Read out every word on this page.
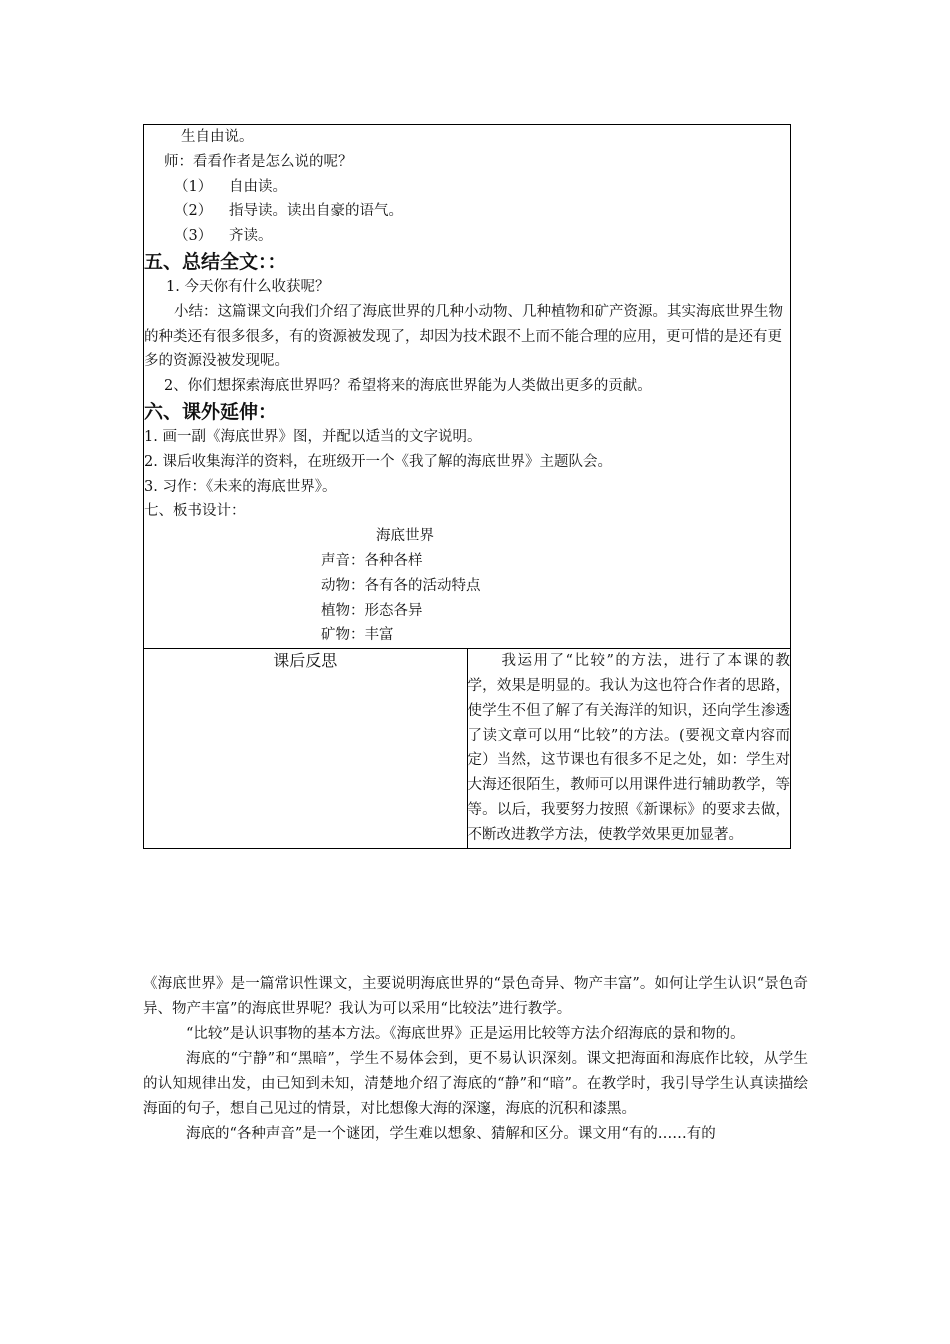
生自由说。
师：看看作者是怎么说的呢？
（1） 自由读。
（2） 指导读。读出自豪的语气。
（3） 齐读。
五、总结全文：：
1. 今天你有什么收获呢？
小结：这篇课文向我们介绍了海底世界的几种小动物、几种植物和矿产资源。其实海底世界生物的种类还有很多很多，有的资源被发现了，却因为技术跟不上而不能合理的应用，更可惜的是还有更多的资源没被发现呢。
2、你们想探索海底世界吗？希望将来的海底世界能为人类做出更多的贡献。
六、课外延伸：
1. 画一副《海底世界》图，并配以适当的文字说明。
2. 课后收集海洋的资料，在班级开一个《我了解的海底世界》主题队会。
3. 习作：《未来的海底世界》。
七、板书设计：
海底世界
声音：各种各样
动物：各有各的活动特点
植物：形态各异
矿物：丰富

课后反思	我运用了“比较”的方法，进行了本课的教学，效果是明显的。我认为这也符合作者的思路，使学生不但了解了有关海洋的知识，还向学生渗透了读文章可以用“比较”的方法。(要视文章内容而定）当然，这节课也有很多不足之处，如：学生对大海还很陌生，教师可以用课件进行辅助教学，等等。以后，我要努力按照《新课标》的要求去做，不断改进教学方法，使教学效果更加显著。

《海底世界》是一篇常识性课文，主要说明海底世界的“景色奇异、物产丰富”。如何让学生认识“景色奇异、物产丰富”的海底世界呢？我认为可以采用“比较法”进行教学。

“比较”是认识事物的基本方法。《海底世界》正是运用比较等方法介绍海底的景和物的。

海底的“宁静”和“黑暗”，学生不易体会到，更不易认识深刻。课文把海面和海底作比较，从学生的认知规律出发，由已知到未知，清楚地介绍了海底的“静”和“暗”。在教学时，我引导学生认真读描绘海面的句子，想自己见过的情景，对比想像大海的深邃，海底的沉积和漆黑。

海底的“各种声音”是一个谜团，学生难以想象、猜解和区分。课文用“有的……有的
